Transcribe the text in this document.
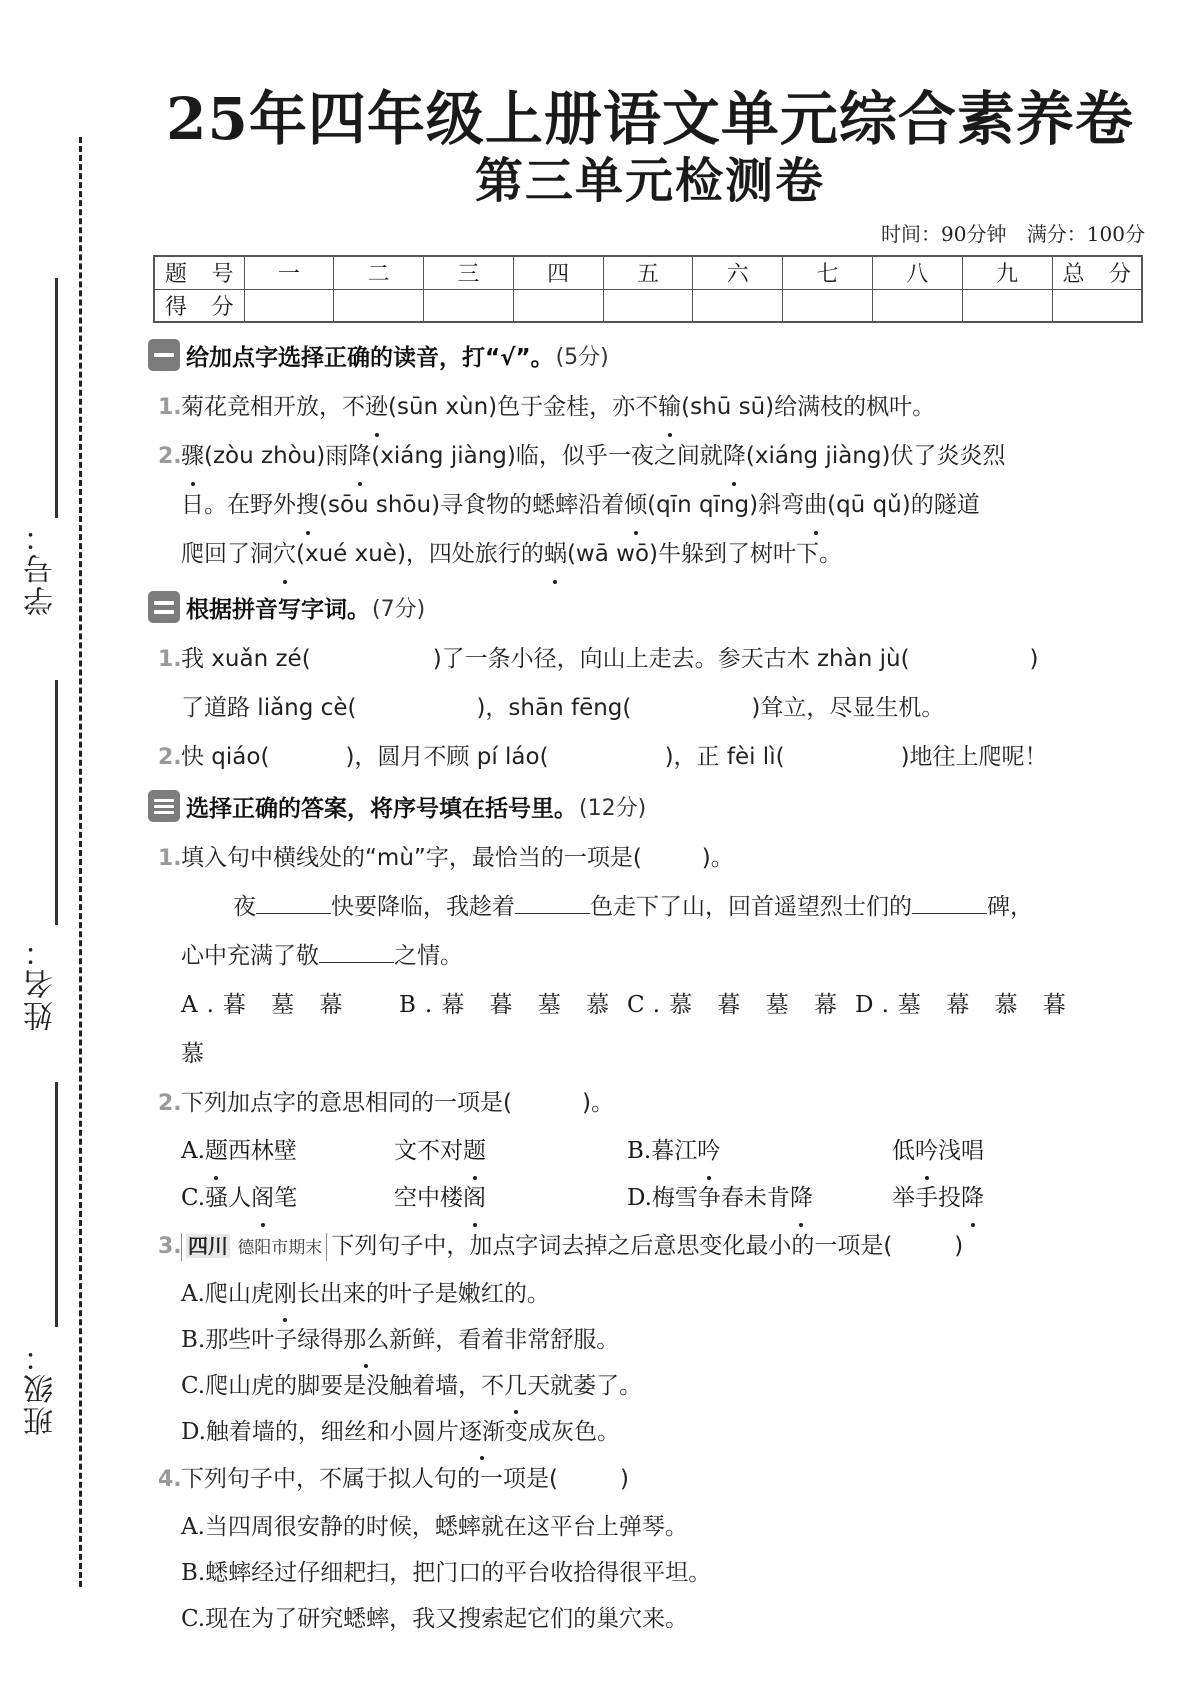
学号：
姓名：
班级：
25年四年级上册语文单元综合素养卷
第三单元检测卷
时间：90分钟 满分：100分
题号	一	二	三	四	五	六	七	八	九	总分
得分										
给加点字选择正确的读音，打“√”。 (5分)
1. 菊花竞相开放，不逊(sūn xùn)色于金桂，亦不输(shū sū)给满枝的枫叶。
2. 骤(zòu zhòu)雨降(xiáng jiàng)临，似乎一夜之间就降(xiáng jiàng)伏了炎炎烈
日。在野外搜(sōu shōu)寻食物的蟋蟀沿着倾(qīn qīng)斜弯曲(qū qǔ)的隧道
爬回了洞穴(xué xuè)，四处旅行的蜗(wā wō)牛躲到了树叶下。
根据拼音写字词。 (7分)
1. 我 xuǎn zé(	)了一条小径，向山上走去。参天古木 zhàn jù(	)
了道路 liǎng cè(	)，shān fēng(	)耸立，尽显生机。
2. 快 qiáo(	)，圆月不顾 pí láo(	)，正 fèi lì(	)地往上爬呢！
选择正确的答案，将序号填在括号里。 (12分)
1. 填入句中横线处的“mù”字，最恰当的一项是(	)。
夜	快要降临，我趁着	色走下了山，回首遥望烈士们的	碑，
心中充满了敬	之情。
A.暮 墓 幕 慕
B.幕 暮 墓 慕 C.慕 暮 墓 幕 D.墓 幕 慕 暮
2. 下列加点字的意思相同的一项是(	)。
A.题西林壁	文不对题	B.暮江吟	低吟浅唱
C.骚人阁笔	空中楼阁	D.梅雪争春未肯降	举手投降
3. 四川 德阳市期末 下列句子中，加点字词去掉之后意思变化最小的一项是(	)
A.爬山虎刚长出来的叶子是嫩红的。
B.那些叶子绿得那么新鲜，看着非常舒服。
C.爬山虎的脚要是没触着墙，不几天就萎了。
D.触着墙的，细丝和小圆片逐渐变成灰色。
4. 下列句子中，不属于拟人句的一项是(	)
A.当四周很安静的时候，蟋蟀就在这平台上弹琴。
B.蟋蟀经过仔细耙扫，把门口的平台收拾得很平坦。
C.现在为了研究蟋蟀，我又搜索起它们的巢穴来。
